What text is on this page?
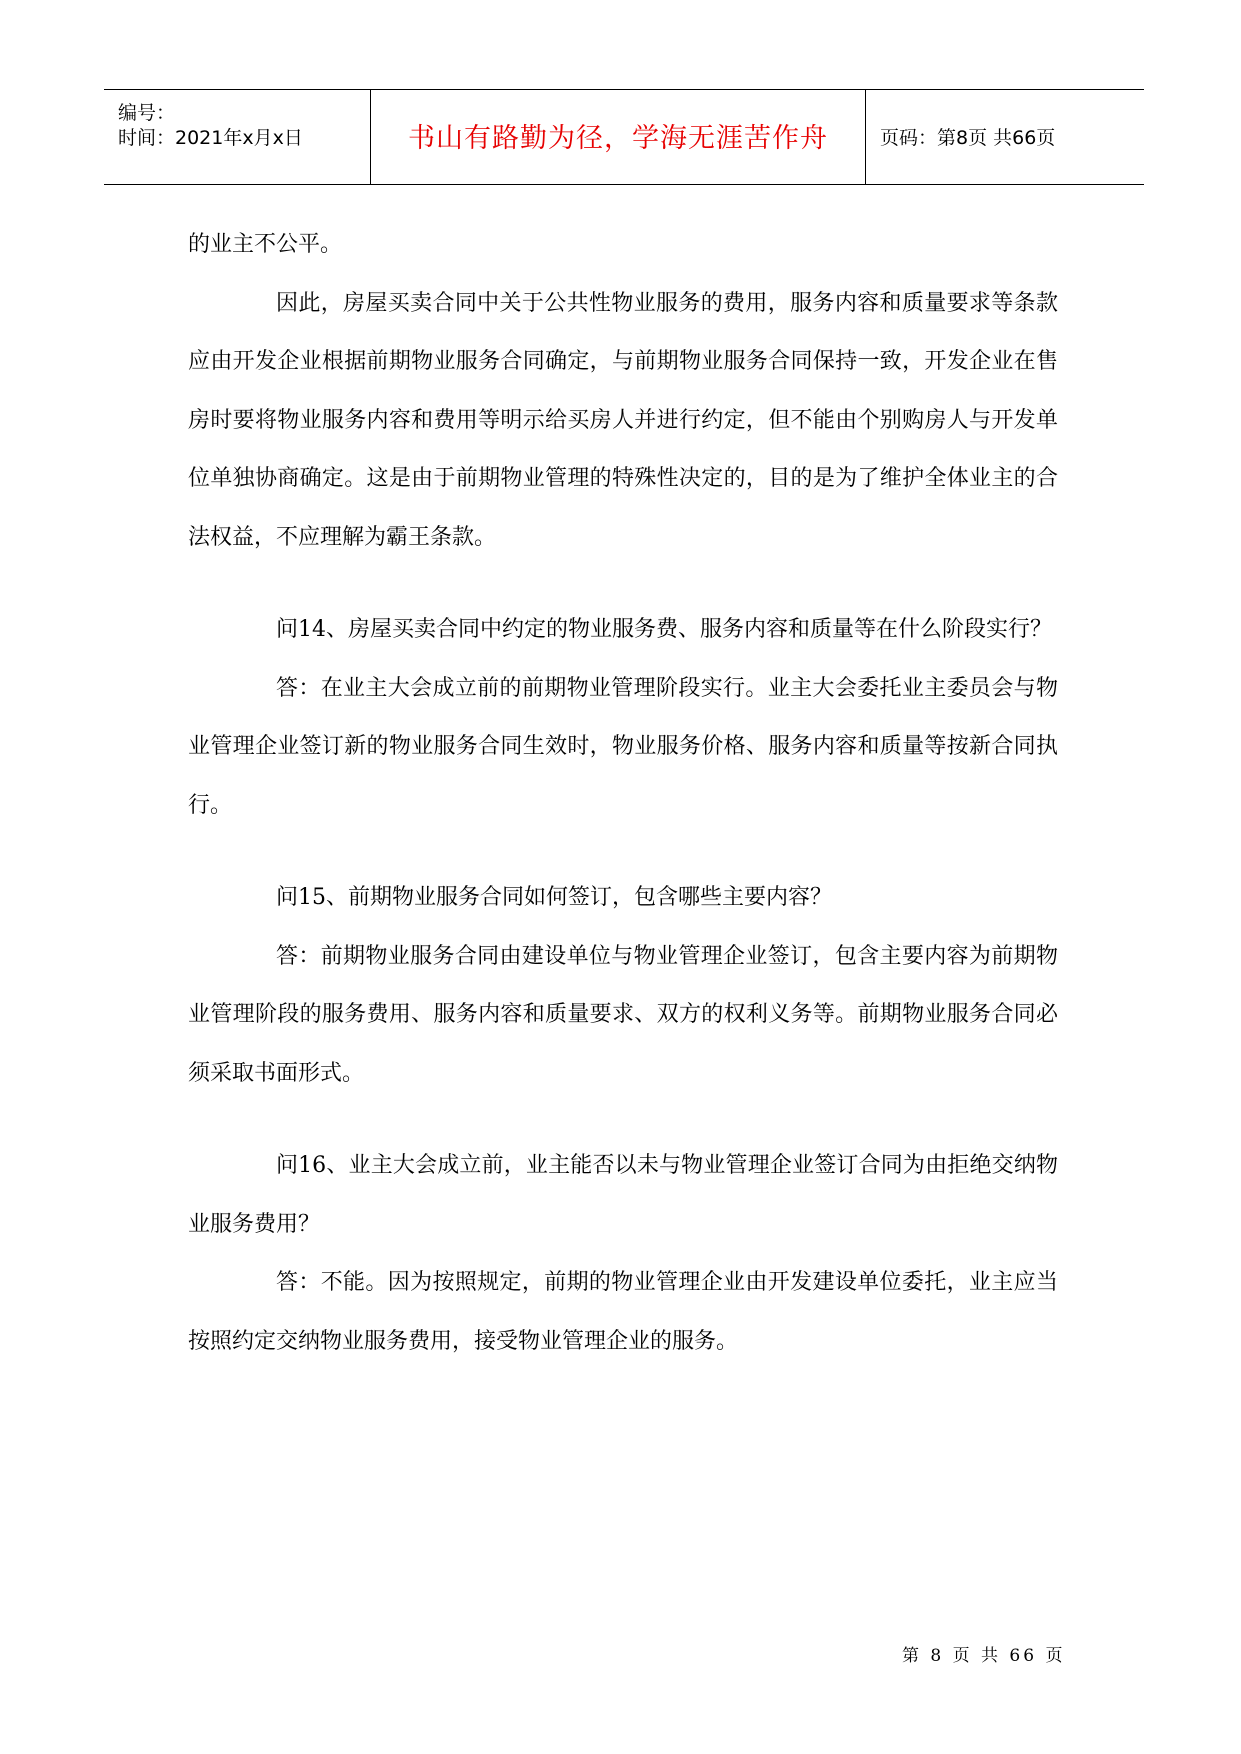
编号：
时间：2021年x月x日	书山有路勤为径，学海无涯苦作舟	页码：第8页 共66页

的业主不公平。

因此，房屋买卖合同中关于公共性物业服务的费用，服务内容和质量要求等条款应由开发企业根据前期物业服务合同确定，与前期物业服务合同保持一致，开发企业在售房时要将物业服务内容和费用等明示给买房人并进行约定，但不能由个别购房人与开发单位单独协商确定。这是由于前期物业管理的特殊性决定的，目的是为了维护全体业主的合法权益，不应理解为霸王条款。

问14、房屋买卖合同中约定的物业服务费、服务内容和质量等在什么阶段实行？

答：在业主大会成立前的前期物业管理阶段实行。业主大会委托业主委员会与物业管理企业签订新的物业服务合同生效时，物业服务价格、服务内容和质量等按新合同执行。

问15、前期物业服务合同如何签订，包含哪些主要内容？

答：前期物业服务合同由建设单位与物业管理企业签订，包含主要内容为前期物业管理阶段的服务费用、服务内容和质量要求、双方的权利义务等。前期物业服务合同必须采取书面形式。

问16、业主大会成立前，业主能否以未与物业管理企业签订合同为由拒绝交纳物业服务费用？

答：不能。因为按照规定，前期的物业管理企业由开发建设单位委托，业主应当按照约定交纳物业服务费用，接受物业管理企业的服务。

第 8 页 共 66 页
